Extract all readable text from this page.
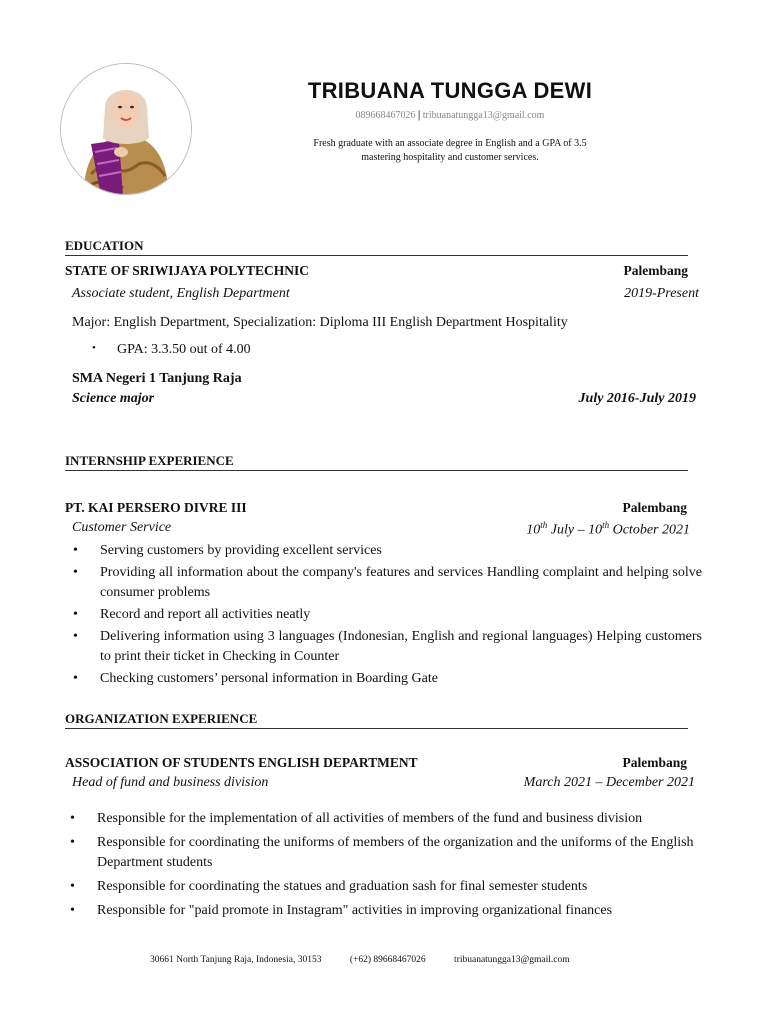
TRIBUANA TUNGGA DEWI
089668467026 | tribuanatungga13@gmail.com
Fresh graduate with an associate degree in English and a GPA of 3.5
mastering hospitality and customer services.
EDUCATION
STATE OF SRIWIJAYA POLYTECHNIC	Palembang
Associate student, English Department	2019-Present
Major: English Department, Specialization: Diploma III English Department Hospitality
• GPA: 3.3.50 out of 4.00
SMA Negeri 1 Tanjung Raja
Science major	July 2016-July 2019
INTERNSHIP EXPERIENCE
PT. KAI PERSERO DIVRE III	Palembang
Customer Service	10th July – 10th October 2021
• Serving customers by providing excellent services
• Providing all information about the company's features and services Handling complaint and helping solve consumer problems
• Record and report all activities neatly
• Delivering information using 3 languages (Indonesian, English and regional languages) Helping customers to print their ticket in Checking in Counter
• Checking customers’ personal information in Boarding Gate
ORGANIZATION EXPERIENCE
ASSOCIATION OF STUDENTS ENGLISH DEPARTMENT	Palembang
Head of fund and business division	March 2021 – December 2021
• Responsible for the implementation of all activities of members of the fund and business division
• Responsible for coordinating the uniforms of members of the organization and the uniforms of the English Department students
• Responsible for coordinating the statues and graduation sash for final semester students
• Responsible for "paid promote in Instagram" activities in improving organizational finances
30661 North Tanjung Raja, Indonesia, 30153	(+62) 89668467026	tribuanatungga13@gmail.com
